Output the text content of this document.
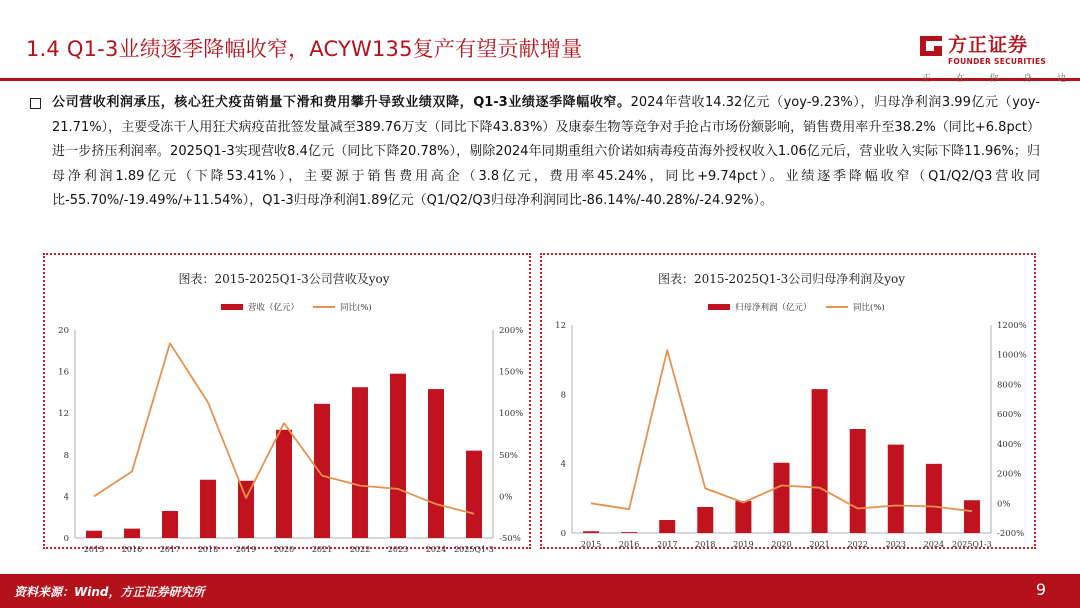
1.4 Q1-3业绩逐季降幅收窄，ACYW135复产有望贡献增量	方正证券
FOUNDER SECURITIES
正	在	你	身	边
公司营收利润承压，核心狂犬疫苗销量下滑和费用攀升导致业绩双降，Q1-3业绩逐季降幅收窄。2024年营收14.32亿元（yoy-9.23%），归母净利润3.99亿元（yoy-21.71%），主要受冻干人用狂犬病疫苗批签发量减至389.76万支（同比下降43.83%）及康泰生物等竞争对手抢占市场份额影响，销售费用率升至38.2%（同比+6.8pct）进一步挤压利润率。2025Q1-3实现营收8.4亿元（同比下降20.78%），剔除2024年同期重组六价诺如病毒疫苗海外授权收入1.06亿元后，营业收入实际下降11.96%；归母净利润1.89亿元（下降53.41%），主要源于销售费用高企（3.8亿元，费用率45.24%，同比+9.74pct）。业绩逐季降幅收窄（Q1/Q2/Q3营收同比-55.70%/-19.49%/+11.54%），Q1-3归母净利润1.89亿元（Q1/Q2/Q3归母净利润同比-86.14%/-40.28%/-24.92%）。
图表：2015-2025Q1-3公司营收及yoy
营收（亿元）	同比(%)
0
4
8
12
16
20
-50%
0%
50%
100%
150%
200%
2015 2016 2017 2018 2019 2020 2021 2022 2023 2024 2025Q1-3
图表：2015-2025Q1-3公司归母净利润及yoy
归母净利润（亿元）	同比(%)
0
4
8
12
-200%
0%
200%
400%
600%
800%
1000%
1200%
2015 2016 2017 2018 2019 2020 2021 2022 2023 2024 2025Q1-3
资料来源：Wind，方正证券研究所	9
